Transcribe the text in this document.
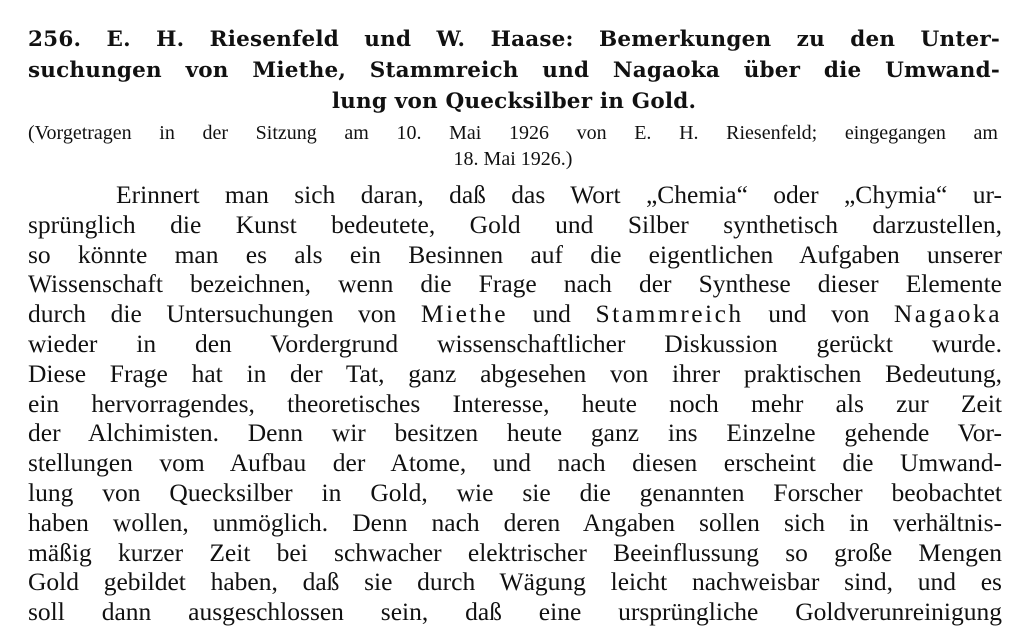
256. E. H. Riesenfeld und W. Haase: Bemerkungen zu den Unter-
suchungen von Miethe, Stammreich und Nagaoka über die Umwand-
lung von Quecksilber in Gold.
(Vorgetragen in der Sitzung am 10. Mai 1926 von E. H. Riesenfeld; eingegangen am
18. Mai 1926.)
Erinnert man sich daran, daß das Wort „Chemia“ oder „Chymia“ ur-
sprünglich die Kunst bedeutete, Gold und Silber synthetisch darzustellen,
so könnte man es als ein Besinnen auf die eigentlichen Aufgaben unserer
Wissenschaft bezeichnen, wenn die Frage nach der Synthese dieser Elemente
durch die Untersuchungen von Miethe und Stammreich und von Nagaoka
wieder in den Vordergrund wissenschaftlicher Diskussion gerückt wurde.
Diese Frage hat in der Tat, ganz abgesehen von ihrer praktischen Bedeutung,
ein hervorragendes, theoretisches Interesse, heute noch mehr als zur Zeit
der Alchimisten. Denn wir besitzen heute ganz ins Einzelne gehende Vor-
stellungen vom Aufbau der Atome, und nach diesen erscheint die Umwand-
lung von Quecksilber in Gold, wie sie die genannten Forscher beobachtet
haben wollen, unmöglich. Denn nach deren Angaben sollen sich in verhältnis-
mäßig kurzer Zeit bei schwacher elektrischer Beeinflussung so große Mengen
Gold gebildet haben, daß sie durch Wägung leicht nachweisbar sind, und es
soll dann ausgeschlossen sein, daß eine ursprüngliche Goldverunreinigung
